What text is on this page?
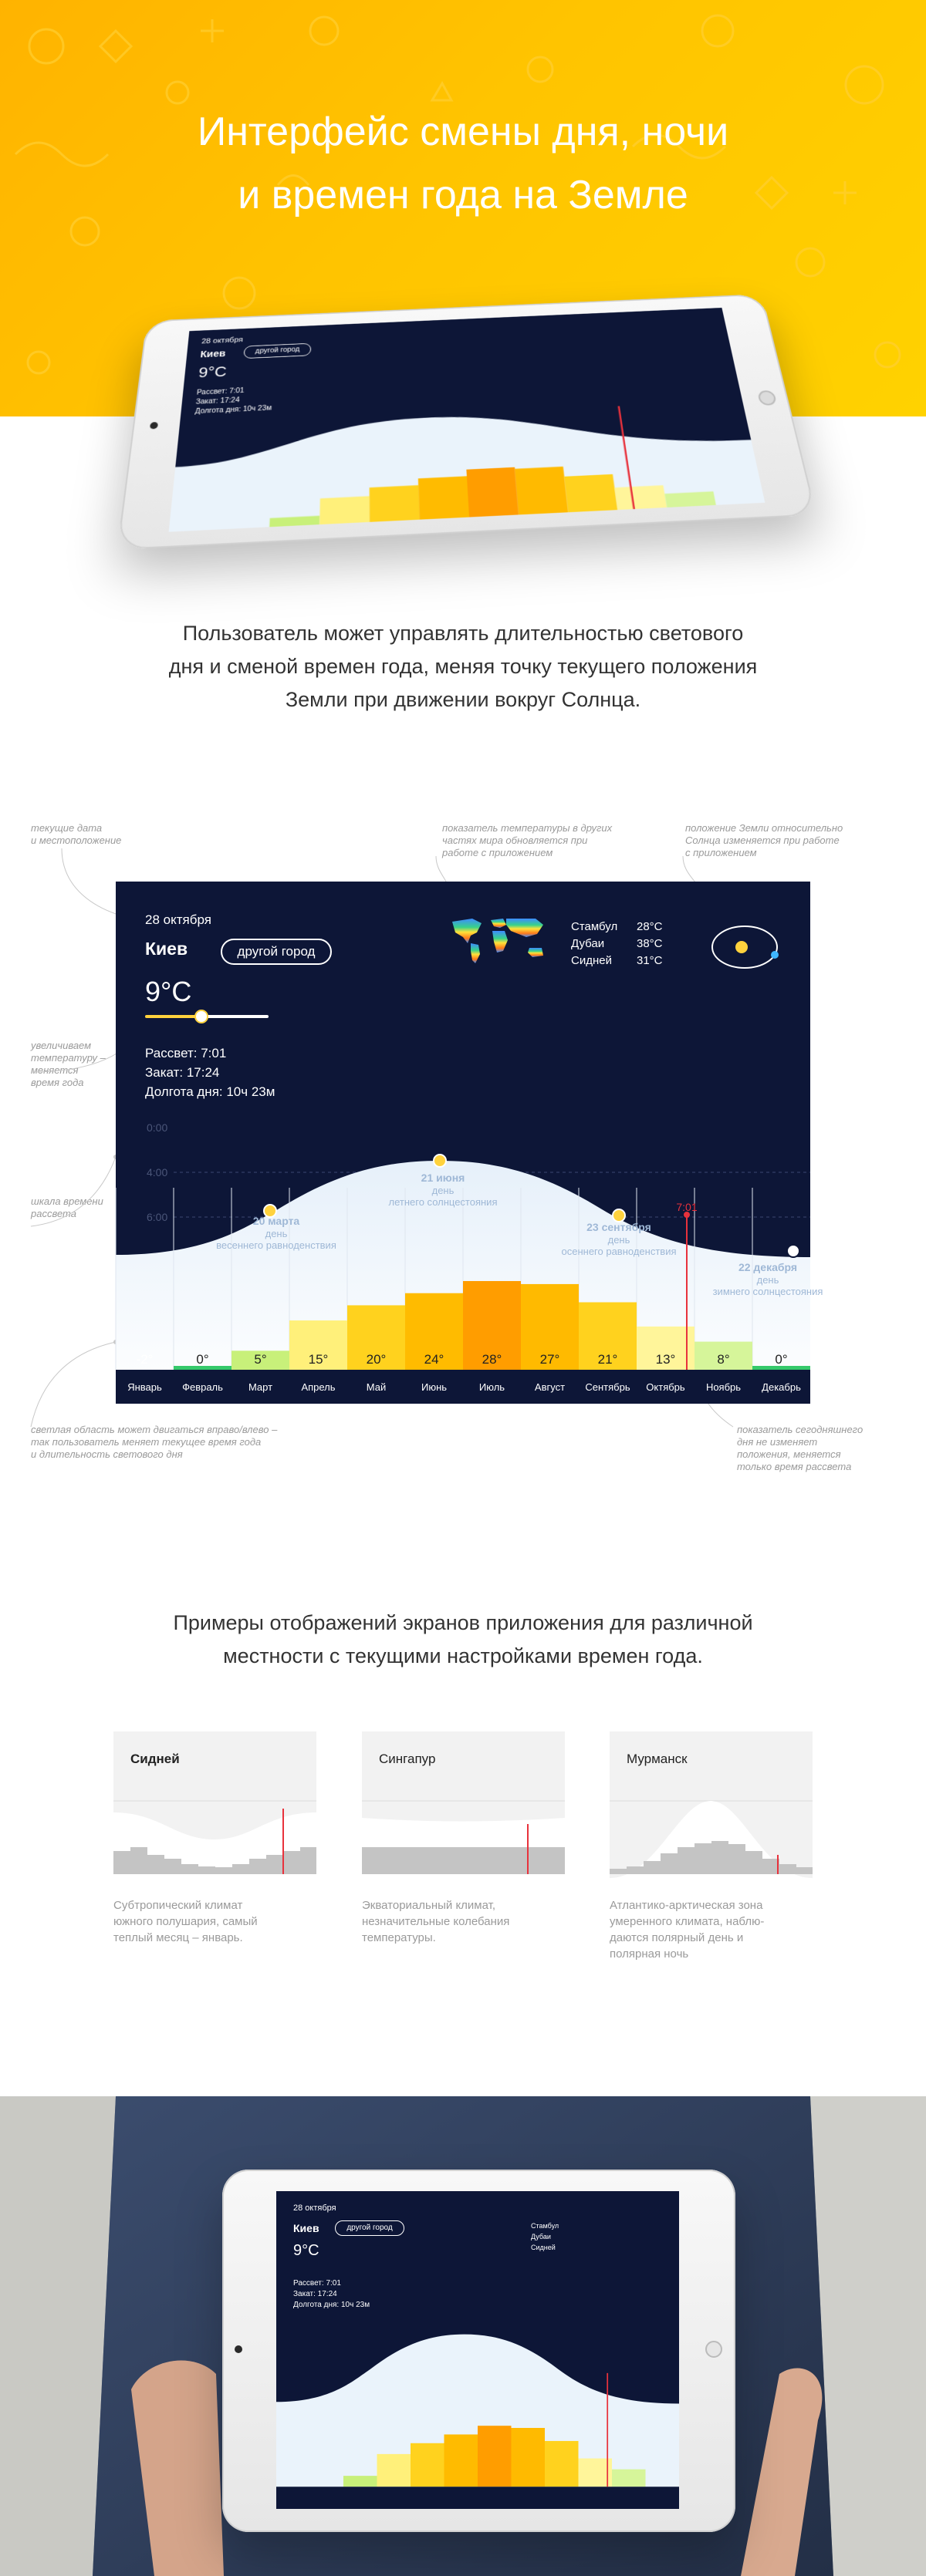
Интерфейс смены дня, ночи
и времен года на Земле
28 октября
Киев	другой город
9°C
Рассвет: 7:01
Закат: 17:24
Долгота дня: 10ч 23м
Пользователь может управлять длительностью светового
дня и сменой времен года, меняя точку текущего положения
Земли при движении вокруг Солнца.
текущие дата
и местоположение
показатель температуры в других
частях мира обновляется при
работе с приложением
положение Земли относительно
Солнца изменяется при работе
с приложением
увеличиваем
температуру –
меняется
время года
шкала времени
рассвета
светлая область может двигаться вправо/влево –
так пользователь меняет текущее время года
и длительность светового дня
показатель сегодняшнего
дня не изменяет
положения, меняется
только время рассвета
28 октября
Киев	другой город
9°C
Рассвет: 7:01
Закат: 17:24
Долгота дня: 10ч 23м
Стамбул	28°C
Дубаи	38°C
Сидней	31°C
0:00
4:00
6:00
Январь Февраль	Март	Апрель	Май	Июнь	Июль	Август Сентябрь Октябрь Ноябрь Декабрь
-2°	0°	5°	15°	20°	24°	28°	27°	21°	13°	8°	0°
7:01
20 марта
день
весеннего равноденствия
21 июня
день
летнего солнцестояния
23 сентября
день
осеннего равноденствия
22 декабря
день
зимнего солнцестояния
Примеры отображений экранов приложения для различной
местности с текущими настройками времен года.
Сидней	Сингапур	Мурманск
Субтропический климат
южного полушария, самый
теплый месяц – январь.
Экваториальный климат,
незначительные колебания
температуры.
Атлантико-арктическая зона
умеренного климата, наблю-
даются полярный день и
полярная ночь
28 октября
Киев	другой город
9°C
Рассвет: 7:01
Закат: 17:24
Долгота дня: 10ч 23м
Стамбул
Дубаи
Сидней
